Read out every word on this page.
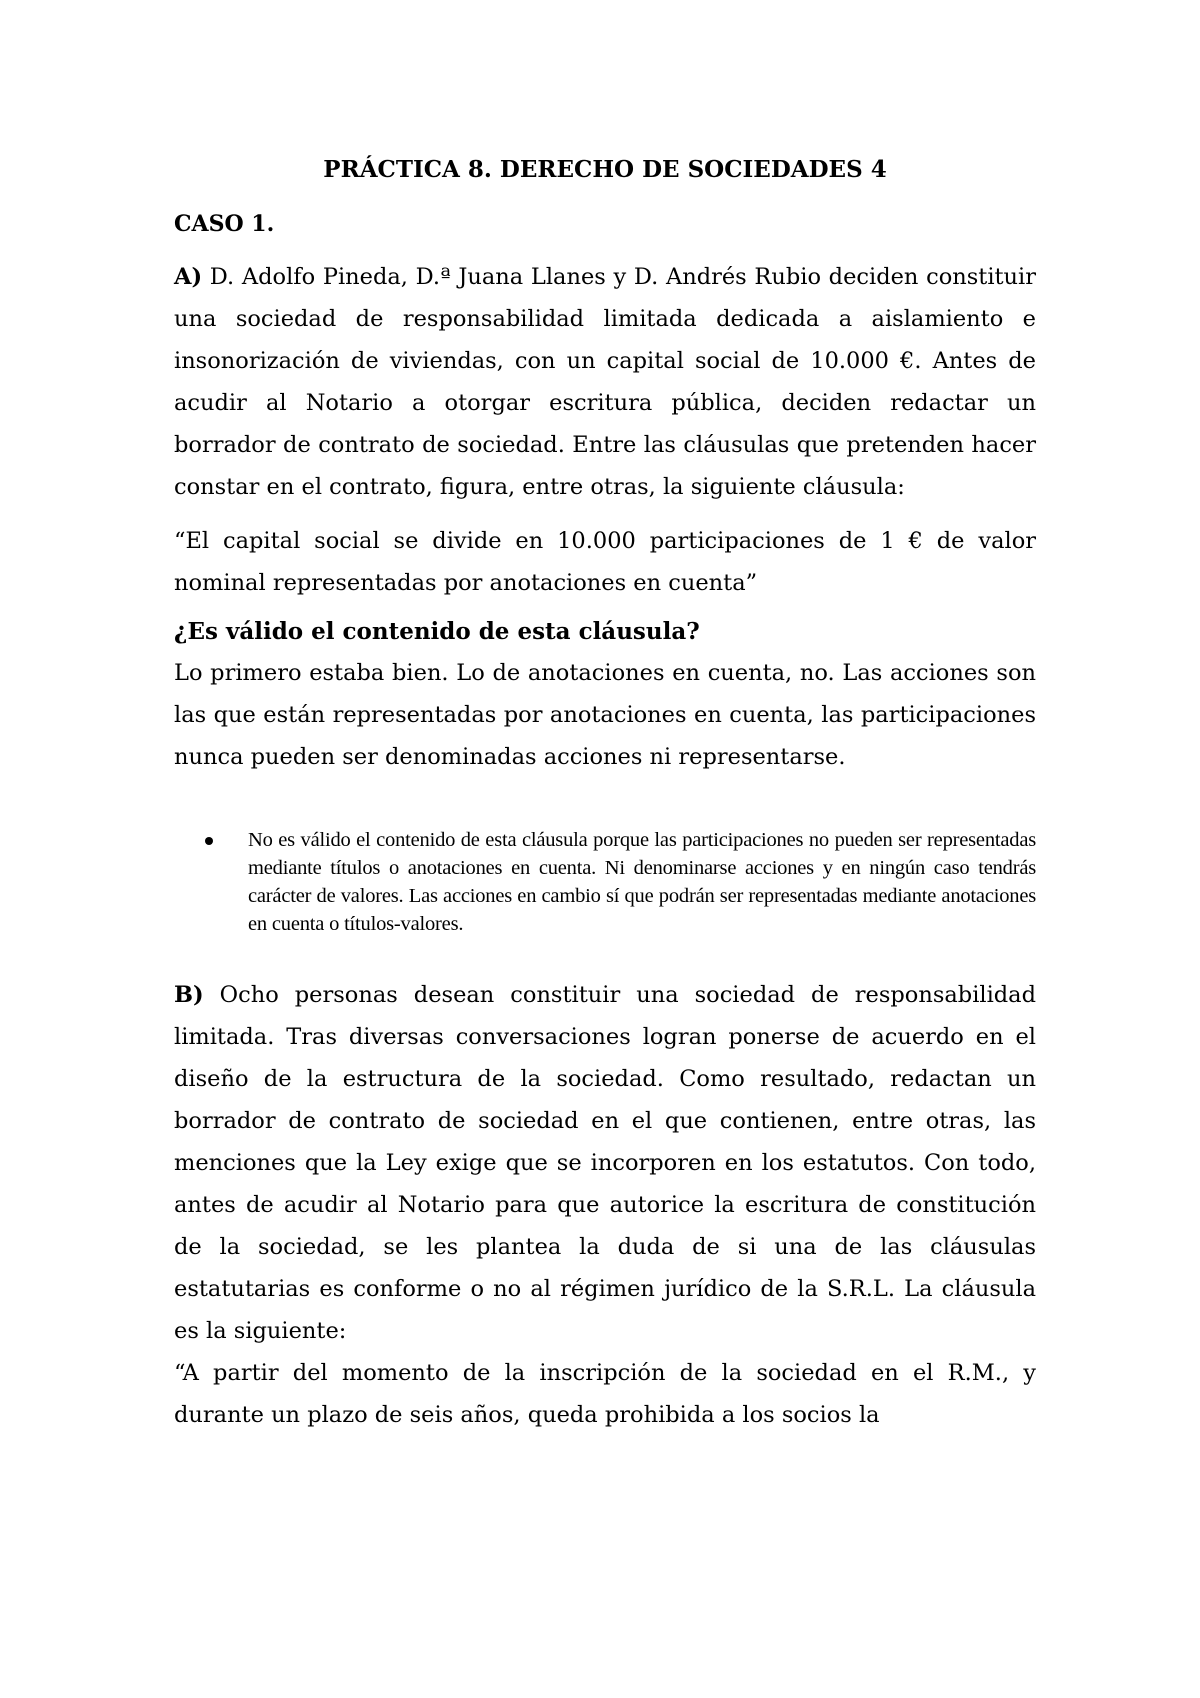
PRÁCTICA 8. DERECHO DE SOCIEDADES 4
CASO 1.

A) D. Adolfo Pineda, D.ª Juana Llanes y D. Andrés Rubio deciden constituir una sociedad de responsabilidad limitada dedicada a aislamiento e insonorización de viviendas, con un capital social de 10.000 €. Antes de acudir al Notario a otorgar escritura pública, deciden redactar un borrador de contrato de sociedad. Entre las cláusulas que pretenden hacer constar en el contrato, figura, entre otras, la siguiente cláusula:

“El capital social se divide en 10.000 participaciones de 1 € de valor nominal representadas por anotaciones en cuenta”

¿Es válido el contenido de esta cláusula?

Lo primero estaba bien. Lo de anotaciones en cuenta, no. Las acciones son las que están representadas por anotaciones en cuenta, las participaciones nunca pueden ser denominadas acciones ni representarse.

No es válido el contenido de esta cláusula porque las participaciones no pueden ser representadas mediante títulos o anotaciones en cuenta. Ni denominarse acciones y en ningún caso tendrás carácter de valores. Las acciones en cambio sí que podrán ser representadas mediante anotaciones en cuenta o títulos-valores.

B) Ocho personas desean constituir una sociedad de responsabilidad limitada. Tras diversas conversaciones logran ponerse de acuerdo en el diseño de la estructura de la sociedad. Como resultado, redactan un borrador de contrato de sociedad en el que contienen, entre otras, las menciones que la Ley exige que se incorporen en los estatutos. Con todo, antes de acudir al Notario para que autorice la escritura de constitución de la sociedad, se les plantea la duda de si una de las cláusulas estatutarias es conforme o no al régimen jurídico de la S.R.L. La cláusula es la siguiente:

“A partir del momento de la inscripción de la sociedad en el R.M., y durante un plazo de seis años, queda prohibida a los socios la
